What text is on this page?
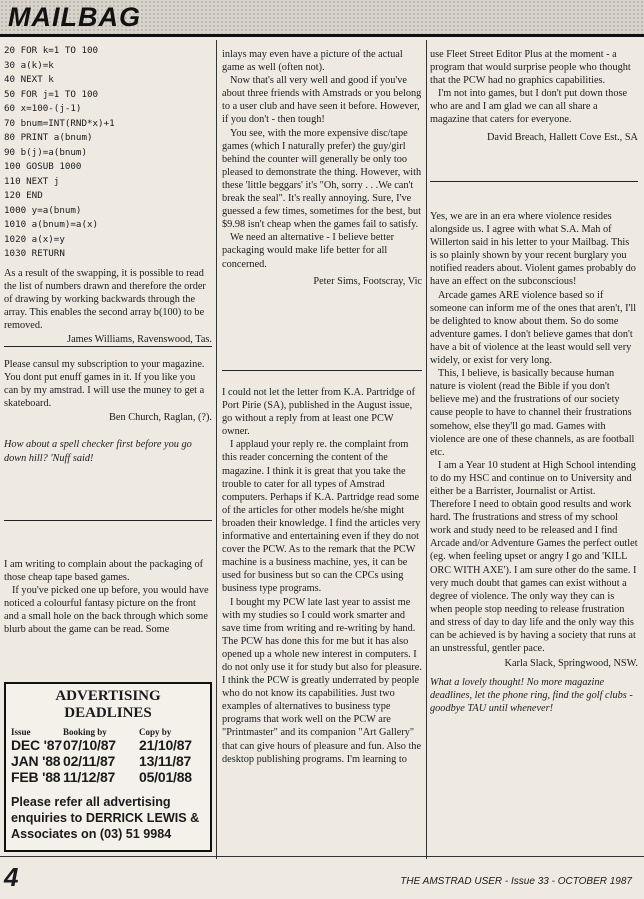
MAILBAG
20 FOR k=1 TO 100
30 a(k)=k
40 NEXT k
50 FOR j=1 TO 100
60 x=100-(j-1)
70 bnum=INT(RND*x)+1
80 PRINT a(bnum)
90 b(j)=a(bnum)
100 GOSUB 1000
110 NEXT j
120 END
1000 y=a(bnum)
1010 a(bnum)=a(x)
1020 a(x)=y
1030 RETURN

As a result of the swapping, it is possible to read the list of numbers drawn and therefore the order of drawing by working backwards through the array. This enables the second array b(100) to be removed.

James Williams, Ravenswood, Tas.

Please cansul my subscription to your magazine. You dont put enuff games in it. If you like you can by my amstrad. I will use the muney to get a skateboard.

Ben Church, Raglan, (?).

How about a spell checker first before you go down hill? 'Nuff said!

I am writing to complain about the packaging of those cheap tape based games.

If you've picked one up before, you would have noticed a colourful fantasy picture on the front and a small hole on the back through which some blurb about the game can be read. Some

ADVERTISING
DEADLINES
Issue	Booking by	Copy by
DEC '87 07/10/87	21/10/87
JAN '88 02/11/87	13/11/87
FEB '88 11/12/87	05/01/88
Please refer all advertising enquiries to DERRICK LEWIS & Associates on (03) 51 9984

inlays may even have a picture of the actual game as well (often not).

Now that's all very well and good if you've about three friends with Amstrads or you belong to a user club and have seen it before. However, if you don't - then tough!

You see, with the more expensive disc/tape games (which I naturally prefer) the guy/girl behind the counter will generally be only too pleased to demonstrate the thing. However, with these 'little beggars' it's "Oh, sorry . . .We can't break the seal". It's really annoying. Sure, I've guessed a few times, sometimes for the best, but $9.98 isn't cheap when the games fail to satisfy.

We need an alternative - I believe better packaging would make life better for all concerned.

Peter Sims, Footscray, Vic

I could not let the letter from K.A. Partridge of Port Pirie (SA), published in the August issue, go without a reply from at least one PCW owner.

I applaud your reply re. the complaint from this reader concerning the content of the magazine. I think it is great that you take the trouble to cater for all types of Amstrad computers. Perhaps if K.A. Partridge read some of the articles for other models he/she might broaden their knowledge. I find the articles very informative and entertaining even if they do not cover the PCW. As to the remark that the PCW machine is a business machine, yes, it can be used for business but so can the CPCs using business type programs.

I bought my PCW late last year to assist me with my studies so I could work smarter and save time from writing and re-writing by hand. The PCW has done this for me but it has also opened up a whole new interest in computers. I do not only use it for study but also for pleasure. I think the PCW is greatly underrated by people who do not know its capabilities. Just two examples of alternatives to business type programs that work well on the PCW are "Printmaster" and its companion "Art Gallery" that can give hours of pleasure and fun. Also the desktop publishing programs. I'm learning to

use Fleet Street Editor Plus at the moment - a program that would surprise people who thought that the PCW had no graphics capabilities.

I'm not into games, but I don't put down those who are and I am glad we can all share a magazine that caters for everyone.

David Breach, Hallett Cove Est., SA

Yes, we are in an era where violence resides alongside us. I agree with what S.A. Mah of Willerton said in his letter to your Mailbag. This is so plainly shown by your recent burglary you notified readers about. Violent games probably do have an effect on the subconscious!

Arcade games ARE violence based so if someone can inform me of the ones that aren't, I'll be delighted to know about them. So do some adventure games. I don't believe games that don't have a bit of violence at the least would sell very widely, or exist for very long.

This, I believe, is basically because human nature is violent (read the Bible if you don't believe me) and the frustrations of our society cause people to have to channel their frustrations somehow, else they'll go mad. Games with violence are one of these channels, as are football etc.

I am a Year 10 student at High School intending to do my HSC and continue on to University and either be a Barrister, Journalist or Artist. Therefore I need to obtain good results and work hard. The frustrations and stress of my school work and study need to be released and I find Arcade and/or Adventure Games the perfect outlet (eg. when feeling upset or angry I go and 'KILL ORC WITH AXE'). I am sure other do the same. I very much doubt that games can exist without a degree of violence. The only way they can is when people stop needing to release frustration and stress of day to day life and the only way this can be achieved is by having a society that runs at an unstressful, gentler pace.

Karla Slack, Springwood, NSW.

What a lovely thought! No more magazine deadlines, let the phone ring, find the golf clubs - goodbye TAU until whenever!

4	THE AMSTRAD USER - Issue 33 - OCTOBER 1987
